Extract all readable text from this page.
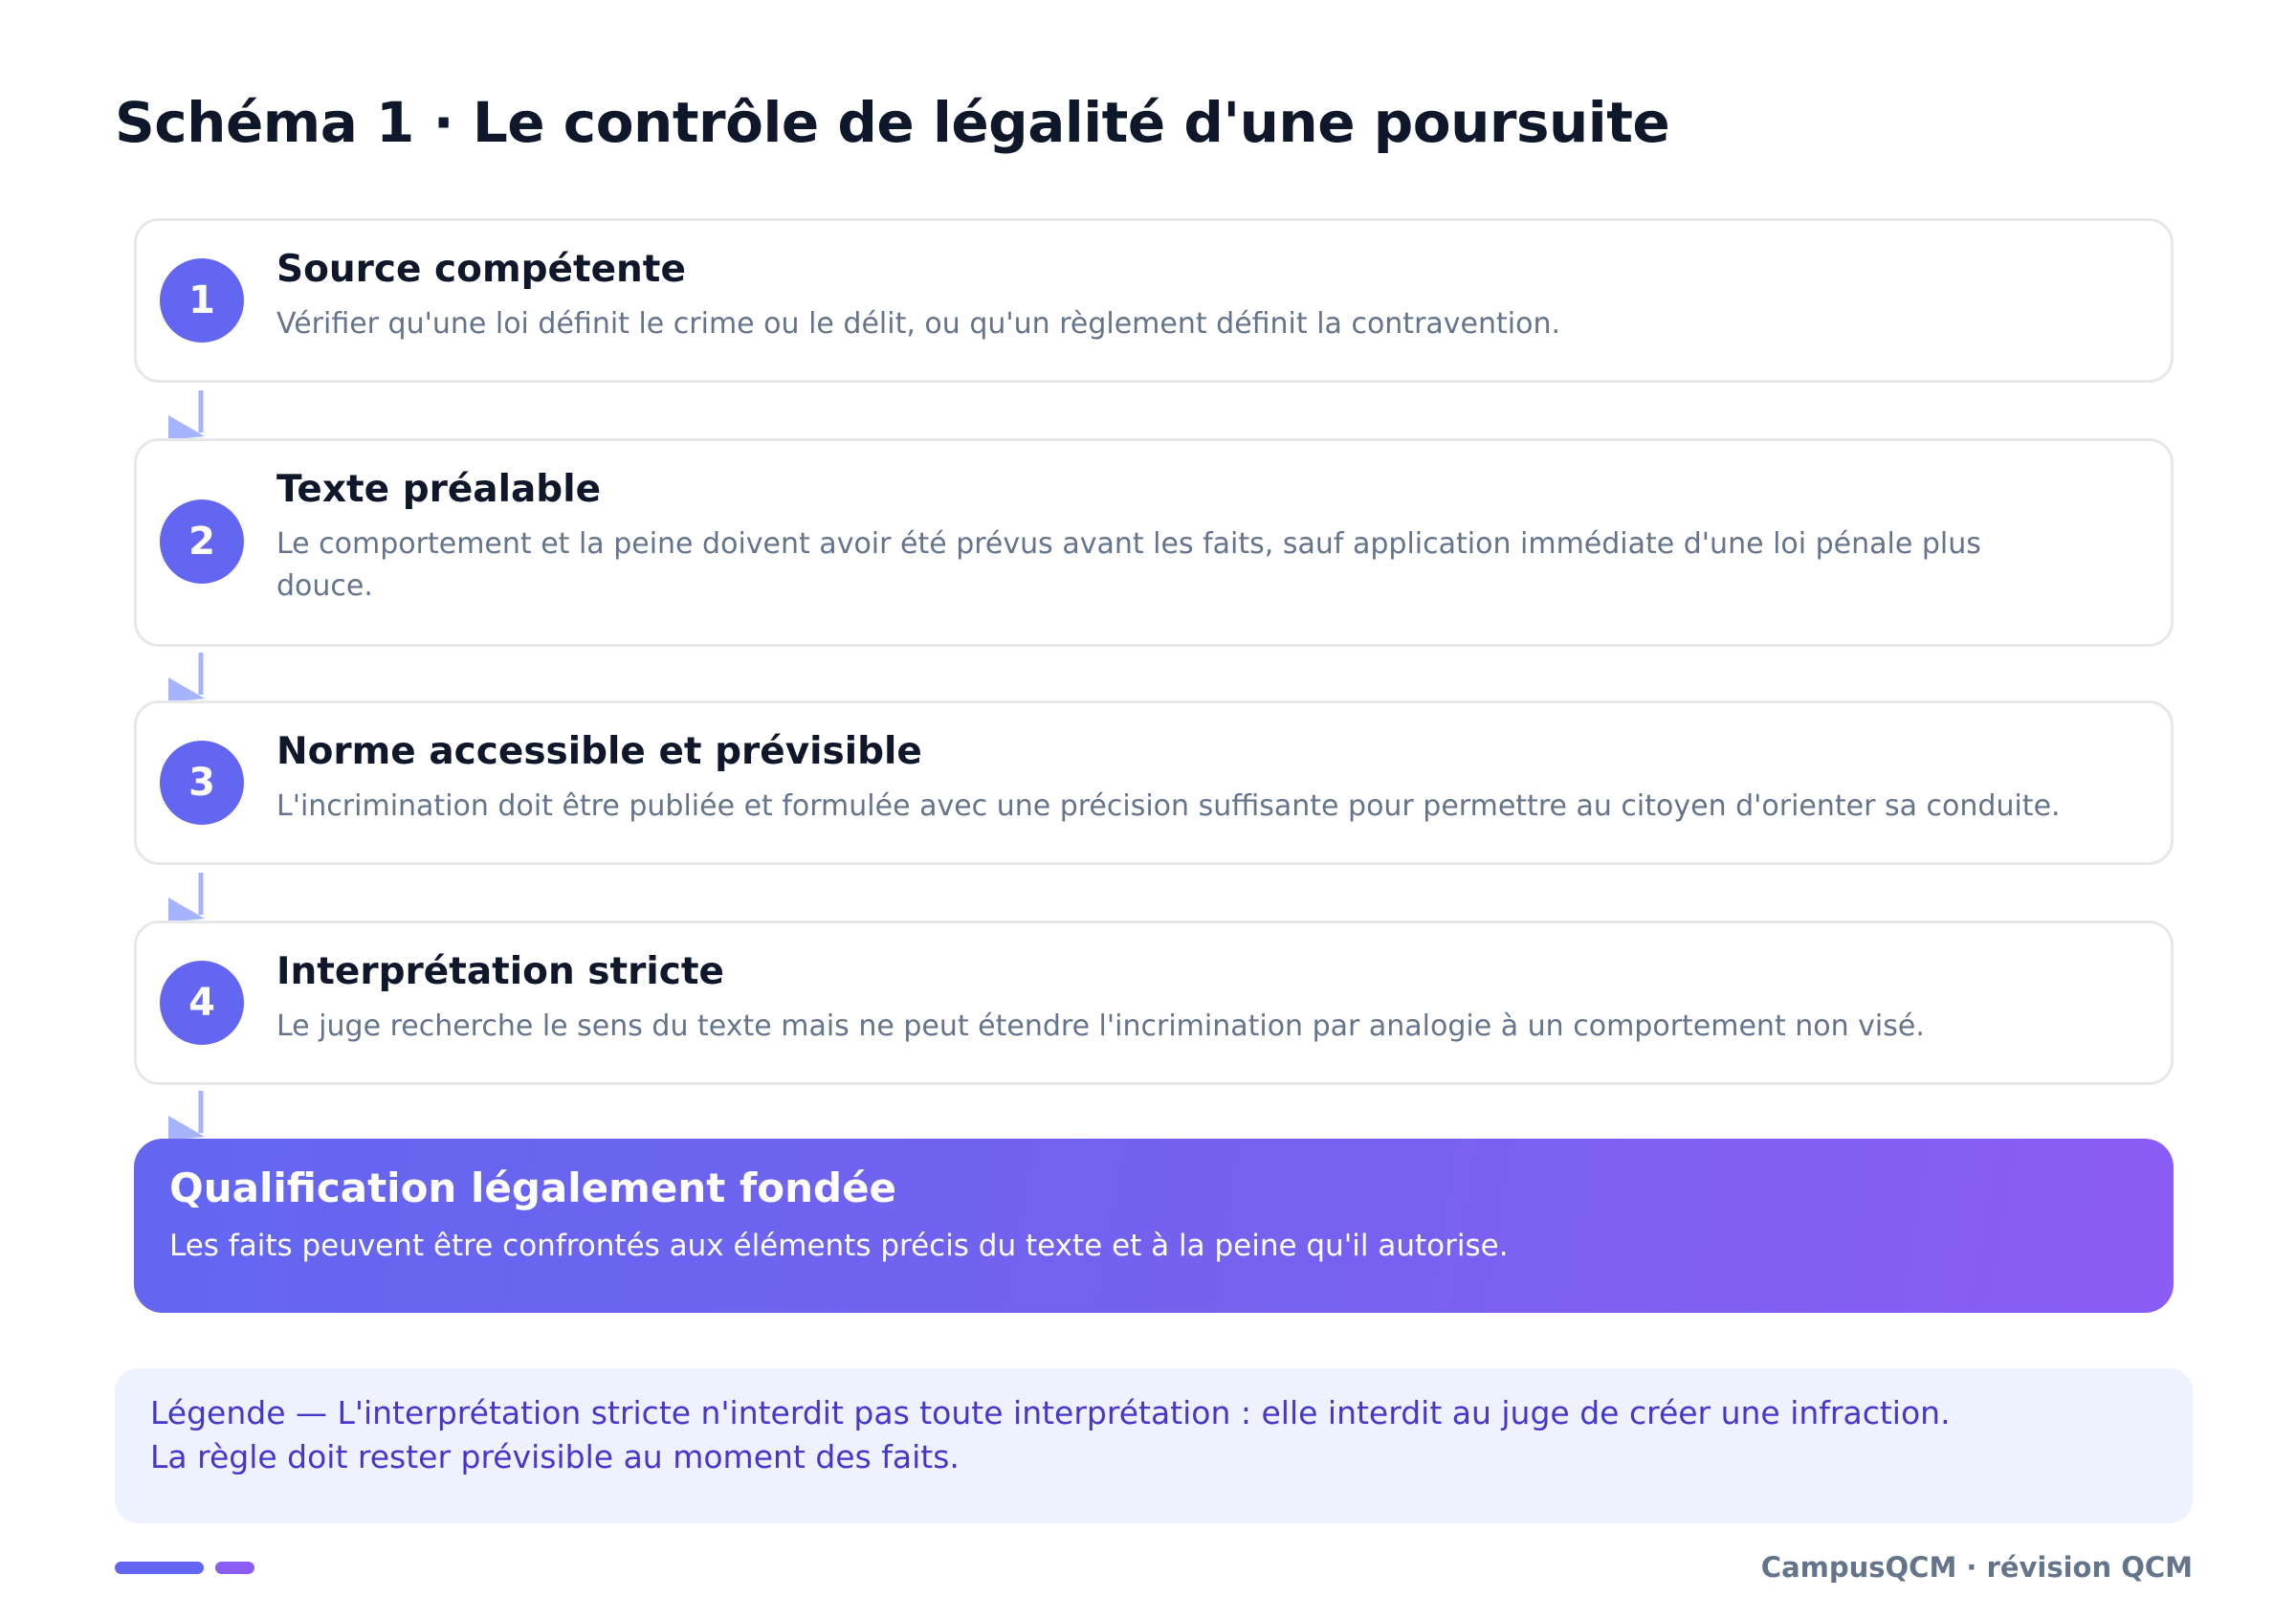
Schéma 1 · Le contrôle de légalité d'une poursuite
1
Source compétente
Vérifier qu'une loi définit le crime ou le délit, ou qu'un règlement définit la contravention.
2
Texte préalable
Le comportement et la peine doivent avoir été prévus avant les faits, sauf application immédiate d'une loi pénale plus douce.
3
Norme accessible et prévisible
L'incrimination doit être publiée et formulée avec une précision suffisante pour permettre au citoyen d'orienter sa conduite.
4
Interprétation stricte
Le juge recherche le sens du texte mais ne peut étendre l'incrimination par analogie à un comportement non visé.
Qualification légalement fondée
Les faits peuvent être confrontés aux éléments précis du texte et à la peine qu'il autorise.
Légende — L'interprétation stricte n'interdit pas toute interprétation : elle interdit au juge de créer une infraction. La règle doit rester prévisible au moment des faits.
CampusQCM · révision QCM
